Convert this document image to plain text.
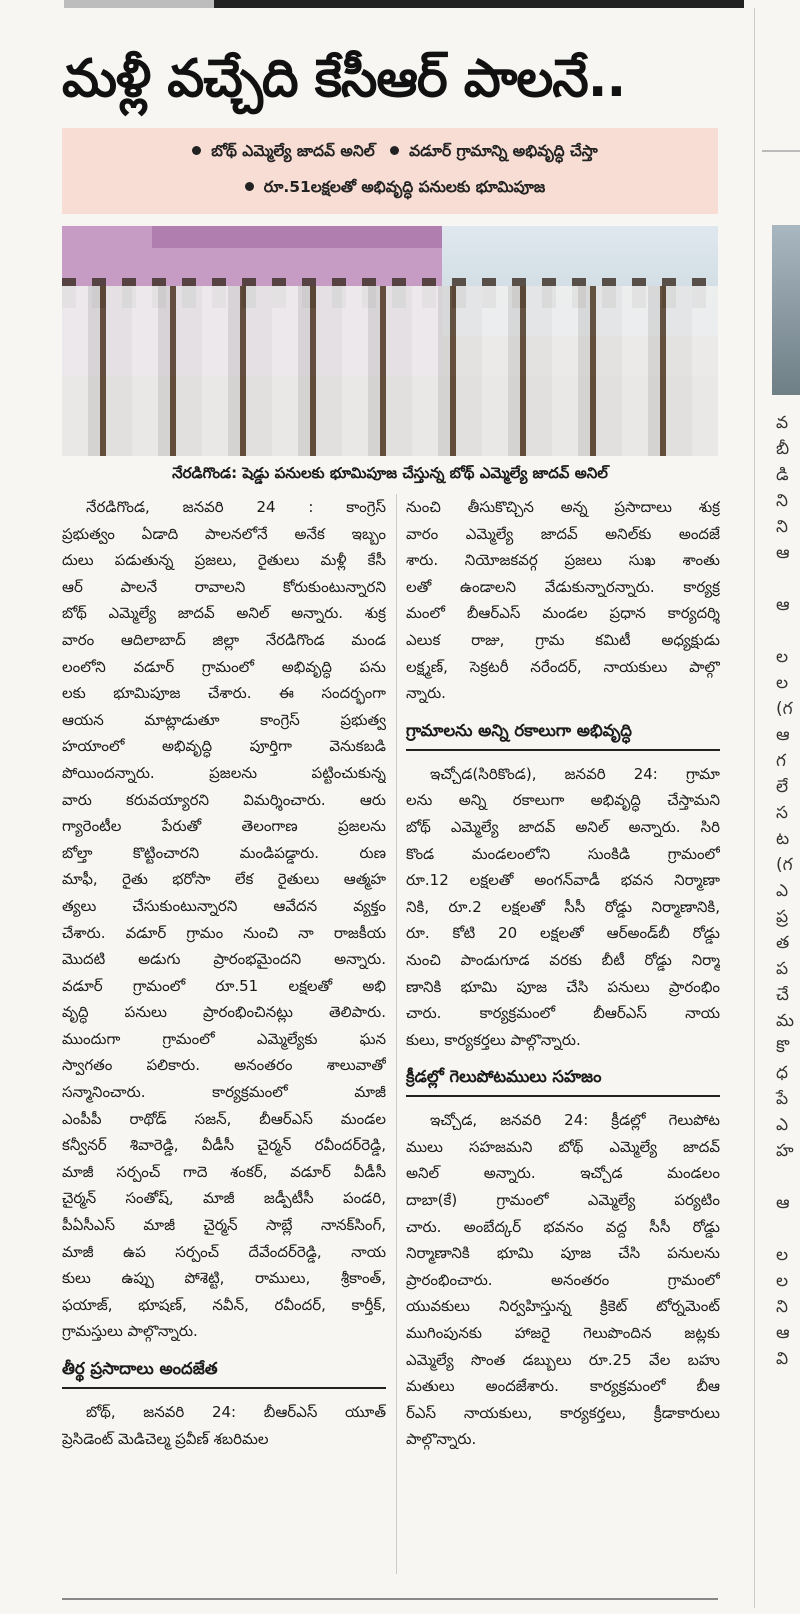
వ
బీ
డి
ని
ని
ఆ

ఆ

ల
ల
(గ
ఆ
గ
లే
స
ట
(గ
ఎ
ప్ర
త
ప
చే
మ
కొ
ధ
పే
ఎ
హ

ఆ

ల
ల
ని
ఆ
వి
మళ్లీ వచ్చేది కేసీఆర్ పాలనే..
బోథ్ ఎమ్మెల్యే జాదవ్ అనిల్ వడూర్ గ్రామాన్ని అభివృద్ధి చేస్తా
రూ.51లక్షలతో అభివృద్ధి పనులకు భూమిపూజ
నేరడిగొండ: షెడ్డు పనులకు భూమిపూజ చేస్తున్న బోథ్ ఎమ్మెల్యే జాదవ్ అనిల్
నేరడిగొండ, జనవరి 24 : కాంగ్రెస్
ప్రభుత్వం ఏడాది పాలనలోనే అనేక ఇబ్బం
దులు పడుతున్న ప్రజలు, రైతులు మళ్లీ కేసీ
ఆర్ పాలనే రావాలని కోరుకుంటున్నారని
బోథ్ ఎమ్మెల్యే జాదవ్ అనిల్ అన్నారు. శుక్ర
వారం ఆదిలాబాద్ జిల్లా నేరడిగొండ మండ
లంలోని వడూర్ గ్రామంలో అభివృద్ధి పను
లకు భూమిపూజ చేశారు. ఈ సందర్భంగా
ఆయన మాట్లాడుతూ కాంగ్రెస్ ప్రభుత్వ
హయాంలో అభివృద్ధి పూర్తిగా వెనుకబడి
పోయిందన్నారు. ప్రజలను పట్టించుకున్న
వారు కరువయ్యారని విమర్శించారు. ఆరు
గ్యారెంటీల పేరుతో తెలంగాణ ప్రజలను
బోల్తా కొట్టించారని మండిపడ్డారు. రుణ
మాఫీ, రైతు భరోసా లేక రైతులు ఆత్మహ
త్యలు చేసుకుంటున్నారని ఆవేదన వ్యక్తం
చేశారు. వడూర్ గ్రామం నుంచి నా రాజకీయ
మొదటి అడుగు ప్రారంభమైందని అన్నారు.
వడూర్ గ్రామంలో రూ.51 లక్షలతో అభి
వృద్ధి పనులు ప్రారంభించినట్లు తెలిపారు.
ముందుగా గ్రామంలో ఎమ్మెల్యేకు ఘన
స్వాగతం పలికారు. అనంతరం శాలువాతో
సన్మానించారు. కార్యక్రమంలో మాజీ
ఎంపీపీ రాథోడ్ సజన్, బీఆర్ఎస్ మండల
కన్వీనర్ శివారెడ్డి, వీడీసీ చైర్మన్ రవీందర్‌రెడ్డి,
మాజీ సర్పంచ్ గాదె శంకర్, వడూర్ వీడీసీ
చైర్మన్ సంతోష్, మాజీ జడ్పీటీసీ పండరి,
పీఏసీఎస్ మాజీ చైర్మన్ సాబ్లే నానక్‌సింగ్,
మాజీ ఉప సర్పంచ్ దేవేందర్‌రెడ్డి, నాయ
కులు ఉప్పు పోశెట్టి, రాములు, శ్రీకాంత్,
ఫయాజ్, భూషణ్, నవీన్, రవీందర్, కార్తీక్,
గ్రామస్తులు పాల్గొన్నారు.
తీర్థ ప్రసాదాలు అందజేత
బోథ్, జనవరి 24: బీఆర్ఎస్ యూత్
ప్రెసిడెంట్ మెడిచెల్మ ప్రవీణ్ శబరిమల
నుంచి తీసుకొచ్చిన అన్న ప్రసాదాలు శుక్ర
వారం ఎమ్మెల్యే జాదవ్ అనిల్‌కు అందజే
శారు. నియోజకవర్గ ప్రజలు సుఖ శాంతు
లతో ఉండాలని వేడుకున్నారన్నారు. కార్యక్ర
మంలో బీఆర్ఎస్ మండల ప్రధాన కార్యదర్శి
ఎలుక రాజు, గ్రామ కమిటీ అధ్యక్షుడు
లక్ష్మణ్, సెక్రటరీ నరేందర్, నాయకులు పాల్గొ
న్నారు.
గ్రామాలను అన్ని రకాలుగా అభివృద్ధి
ఇచ్చోడ(సిరికొండ), జనవరి 24: గ్రామా
లను అన్ని రకాలుగా అభివృద్ధి చేస్తామని
బోథ్ ఎమ్మెల్యే జాదవ్ అనిల్ అన్నారు. సిరి
కొండ మండలంలోని సుంకిడి గ్రామంలో
రూ.12 లక్షలతో అంగన్‌వాడీ భవన నిర్మాణా
నికి, రూ.2 లక్షలతో సీసీ రోడ్డు నిర్మాణానికి,
రూ. కోటి 20 లక్షలతో ఆర్అండ్‌బీ రోడ్డు
నుంచి పాండుగూడ వరకు బీటీ రోడ్డు నిర్మా
ణానికి భూమి పూజ చేసి పనులు ప్రారంభిం
చారు. కార్యక్రమంలో బీఆర్ఎస్ నాయ
కులు, కార్యకర్తలు పాల్గొన్నారు.
క్రీడల్లో గెలుపోటములు సహజం
ఇచ్చోడ, జనవరి 24: క్రీడల్లో గెలుపోట
ములు సహజమని బోథ్ ఎమ్మెల్యే జాదవ్
అనిల్ అన్నారు. ఇచ్చోడ మండలం
దాబా(కే) గ్రామంలో ఎమ్మెల్యే పర్యటిం
చారు. అంబేద్కర్ భవనం వద్ద సీసీ రోడ్డు
నిర్మాణానికి భూమి పూజ చేసి పనులను
ప్రారంభించారు. అనంతరం గ్రామంలో
యువకులు నిర్వహిస్తున్న క్రికెట్ టోర్నమెంట్
ముగింపునకు హాజరై గెలుపొందిన జట్లకు
ఎమ్మెల్యే సొంత డబ్బులు రూ.25 వేల బహు
మతులు అందజేశారు. కార్యక్రమంలో బీఆ
ర్ఎస్ నాయకులు, కార్యకర్తలు, క్రీడాకారులు
పాల్గొన్నారు.
